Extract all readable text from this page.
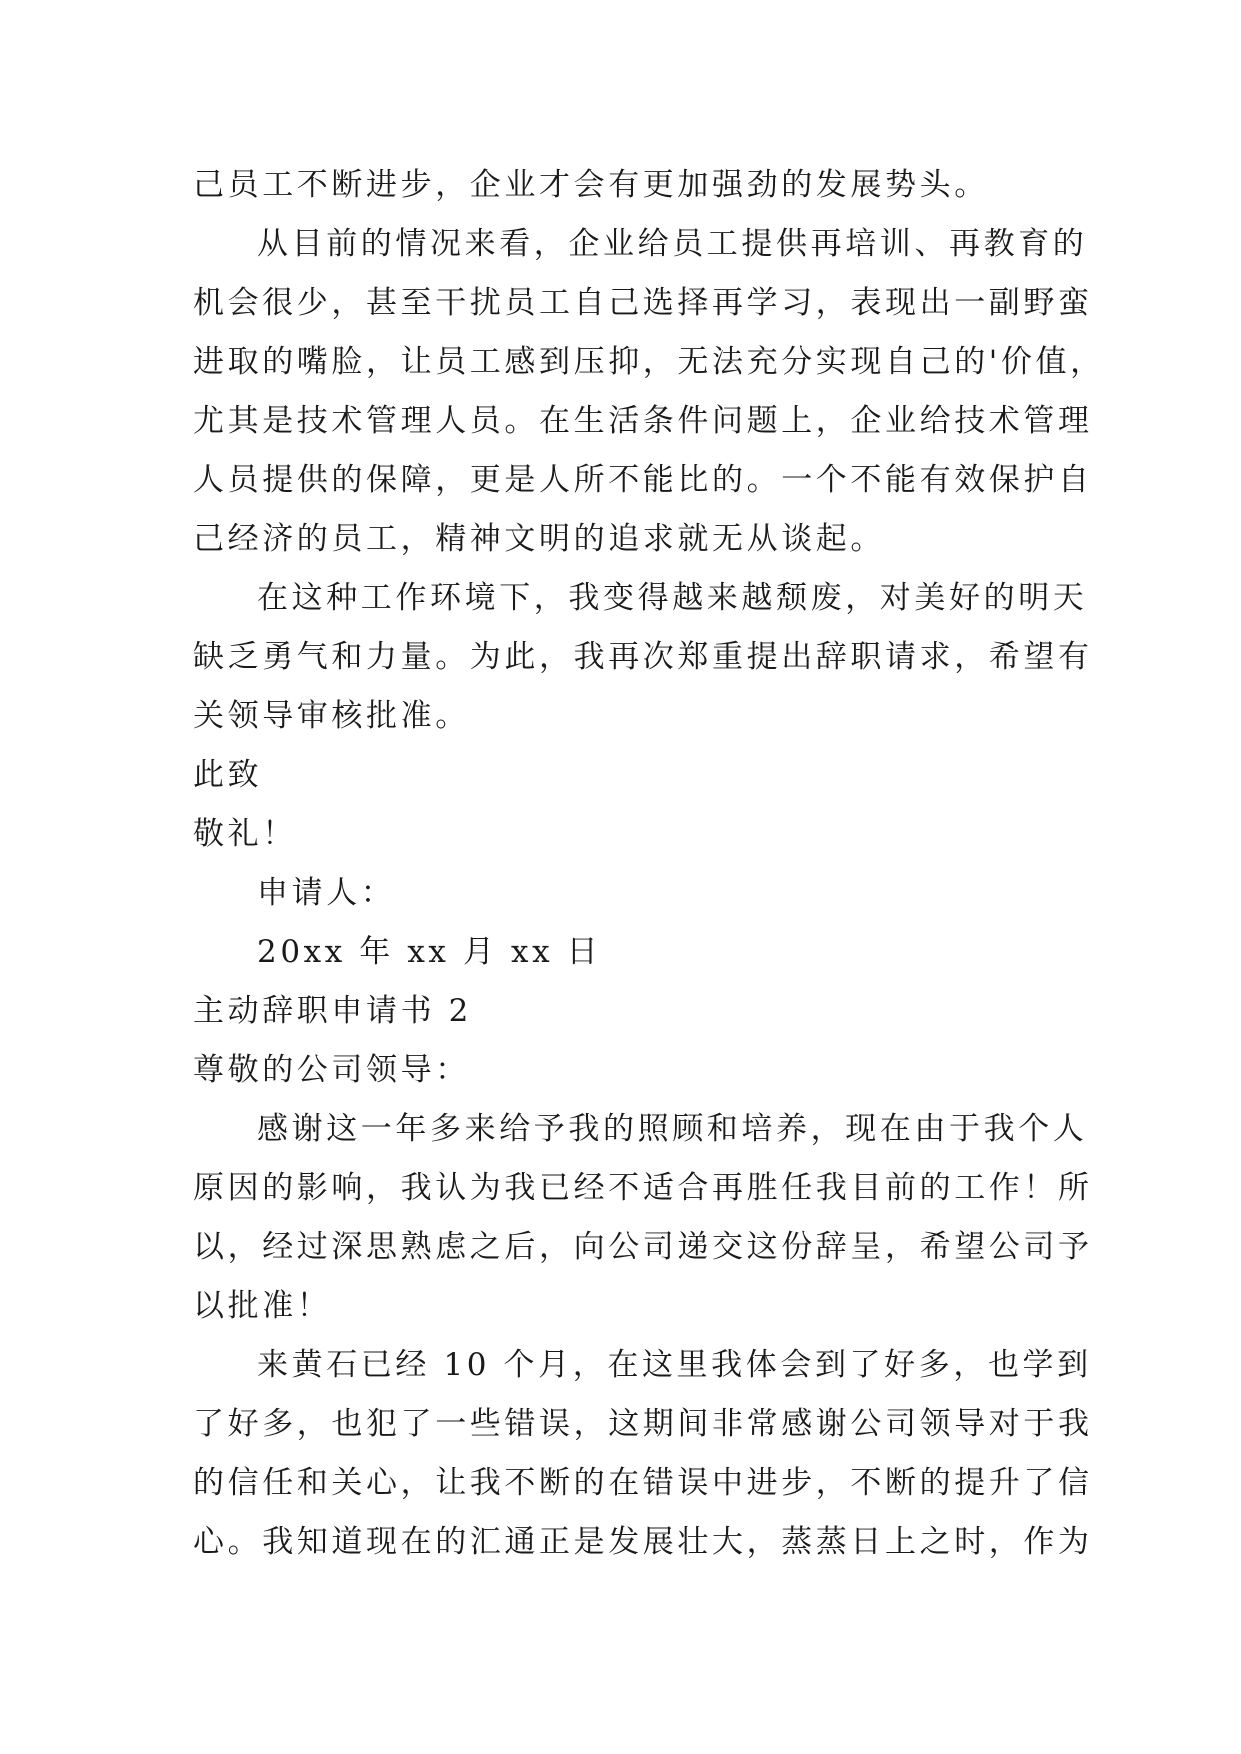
己员工不断进步，企业才会有更加强劲的发展势头。

从目前的情况来看，企业给员工提供再培训、再教育的

机会很少，甚至干扰员工自己选择再学习，表现出一副野蛮

进取的嘴脸，让员工感到压抑，无法充分实现自己的'价值，

尤其是技术管理人员。在生活条件问题上，企业给技术管理

人员提供的保障，更是人所不能比的。一个不能有效保护自

己经济的员工，精神文明的追求就无从谈起。

在这种工作环境下，我变得越来越颓废，对美好的明天

缺乏勇气和力量。为此，我再次郑重提出辞职请求，希望有

关领导审核批准。

此致

敬礼！

申请人：

20xx 年 xx 月 xx 日

主动辞职申请书 2

尊敬的公司领导：

感谢这一年多来给予我的照顾和培养，现在由于我个人

原因的影响，我认为我已经不适合再胜任我目前的工作！所

以，经过深思熟虑之后，向公司递交这份辞呈，希望公司予

以批准！

来黄石已经 10 个月，在这里我体会到了好多，也学到

了好多，也犯了一些错误，这期间非常感谢公司领导对于我

的信任和关心，让我不断的在错误中进步，不断的提升了信

心。我知道现在的汇通正是发展壮大，蒸蒸日上之时，作为
